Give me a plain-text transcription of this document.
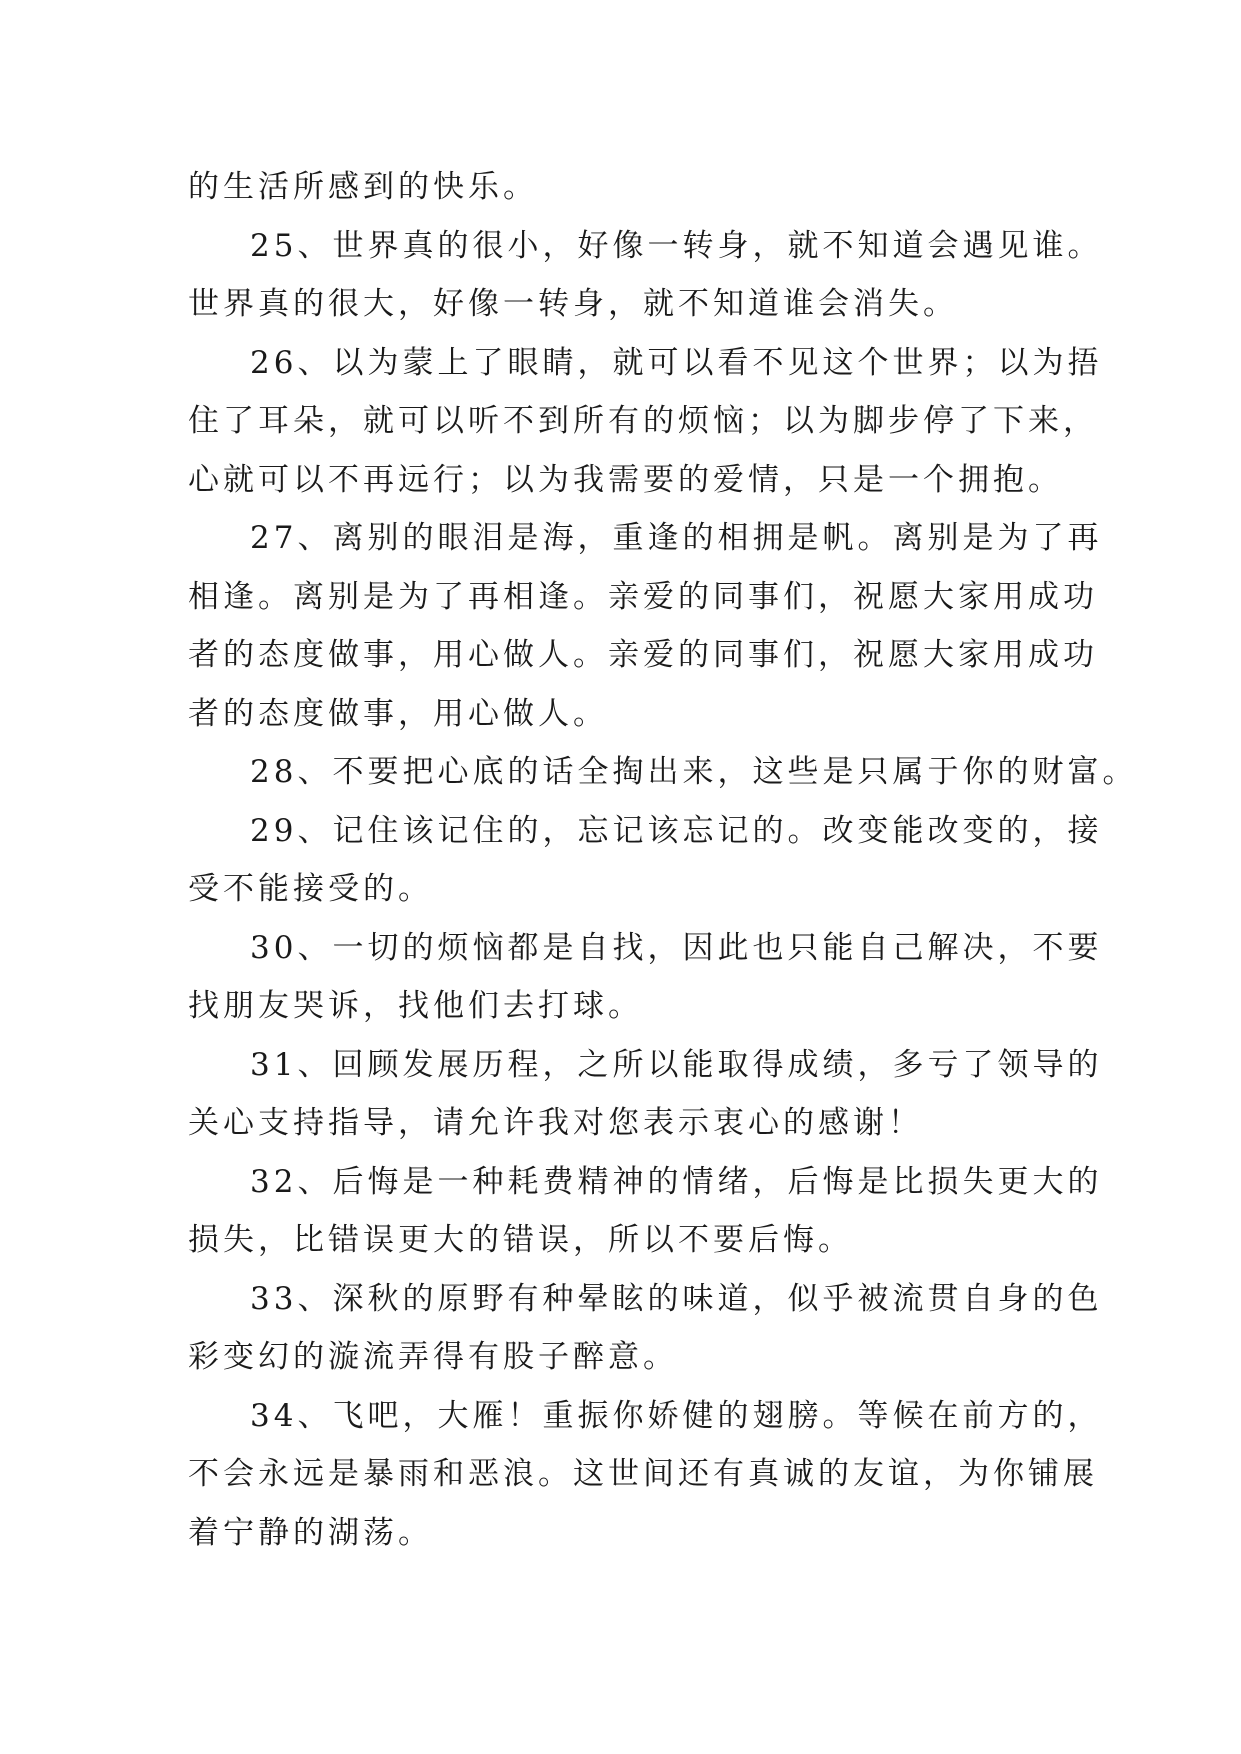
的生活所感到的快乐。
25、世界真的很小，好像一转身，就不知道会遇见谁。
世界真的很大，好像一转身，就不知道谁会消失。
26、以为蒙上了眼睛，就可以看不见这个世界；以为捂
住了耳朵，就可以听不到所有的烦恼；以为脚步停了下来，
心就可以不再远行；以为我需要的爱情，只是一个拥抱。
27、离别的眼泪是海，重逢的相拥是帆。离别是为了再
相逢。离别是为了再相逢。亲爱的同事们，祝愿大家用成功
者的态度做事，用心做人。亲爱的同事们，祝愿大家用成功
者的态度做事，用心做人。
28、不要把心底的话全掏出来，这些是只属于你的财富。
29、记住该记住的，忘记该忘记的。改变能改变的，接
受不能接受的。
30、一切的烦恼都是自找，因此也只能自己解决，不要
找朋友哭诉，找他们去打球。
31、回顾发展历程，之所以能取得成绩，多亏了领导的
关心支持指导，请允许我对您表示衷心的感谢！
32、后悔是一种耗费精神的情绪，后悔是比损失更大的
损失，比错误更大的错误，所以不要后悔。
33、深秋的原野有种晕眩的味道，似乎被流贯自身的色
彩变幻的漩流弄得有股子醉意。
34、飞吧，大雁！重振你娇健的翅膀。等候在前方的，
不会永远是暴雨和恶浪。这世间还有真诚的友谊，为你铺展
着宁静的湖荡。
